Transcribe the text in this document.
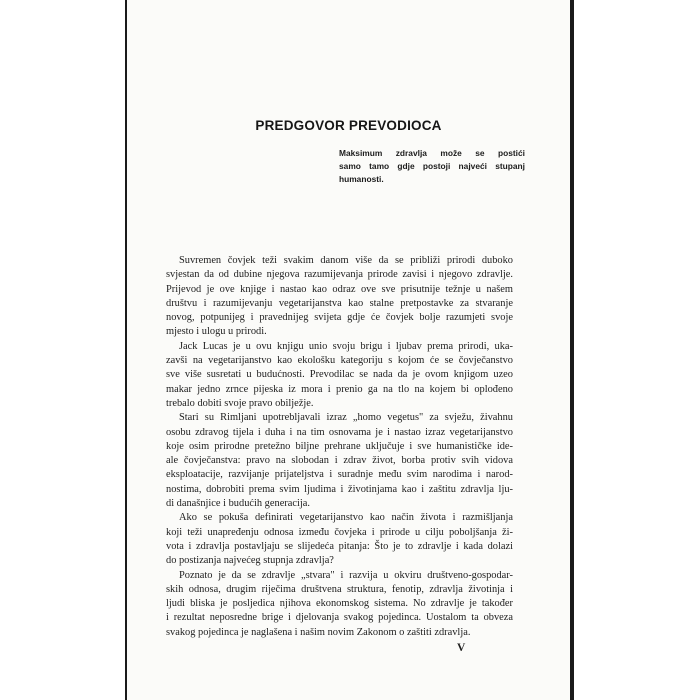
PREDGOVOR PREVODIOCA
Maksimum zdravlja može se postići
samo tamo gdje postoji najveći stupanj
humanosti.
Suvremen čovjek teži svakim danom više da se približi prirodi duboko
svjestan da od dubine njegova razumijevanja prirode zavisi i njegovo zdravlje.
Prijevod je ove knjige i nastao kao odraz ove sve prisutnije težnje u našem
društvu i razumijevanju vegetarijanstva kao stalne pretpostavke za stvaranje
novog, potpunijeg i pravednijeg svijeta gdje će čovjek bolje razumjeti svoje
mjesto i ulogu u prirodi.
Jack Lucas je u ovu knjigu unio svoju brigu i ljubav prema prirodi, uka-
zavši na vegetarijanstvo kao ekološku kategoriju s kojom će se čovječanstvo
sve više susretati u budućnosti. Prevodilac se nada da je ovom knjigom uzeo
makar jedno zrnce pijeska iz mora i prenio ga na tlo na kojem bi oplođeno
trebalo dobiti svoje pravo obilježje.
Stari su Rimljani upotrebljavali izraz „homo vegetus" za svježu, živahnu
osobu zdravog tijela i duha i na tim osnovama je i nastao izraz vegetarijanstvo
koje osim prirodne pretežno biljne prehrane uključuje i sve humanističke ide-
ale čovječanstva: pravo na slobodan i zdrav život, borba protiv svih vidova
eksploatacije, razvijanje prijateljstva i suradnje među svim narodima i narod-
nostima, dobrobiti prema svim ljudima i životinjama kao i zaštitu zdravlja lju-
di današnjice i budućih generacija.
Ako se pokuša definirati vegetarijanstvo kao način života i razmišljanja
koji teži unapređenju odnosa između čovjeka i prirode u cilju poboljšanja ži-
vota i zdravlja postavljaju se slijedeća pitanja: Što je to zdravlje i kada dolazi
do postizanja najvećeg stupnja zdravlja?
Poznato je da se zdravlje „stvara" i razvija u okviru društveno-gospodar-
skih odnosa, drugim riječima društvena struktura, fenotip, zdravlja životinja i
ljudi bliska je posljedica njihova ekonomskog sistema. No zdravlje je također
i rezultat neposredne brige i djelovanja svakog pojedinca. Uostalom ta obveza
svakog pojedinca je naglašena i našim novim Zakonom o zaštiti zdravlja.
V
